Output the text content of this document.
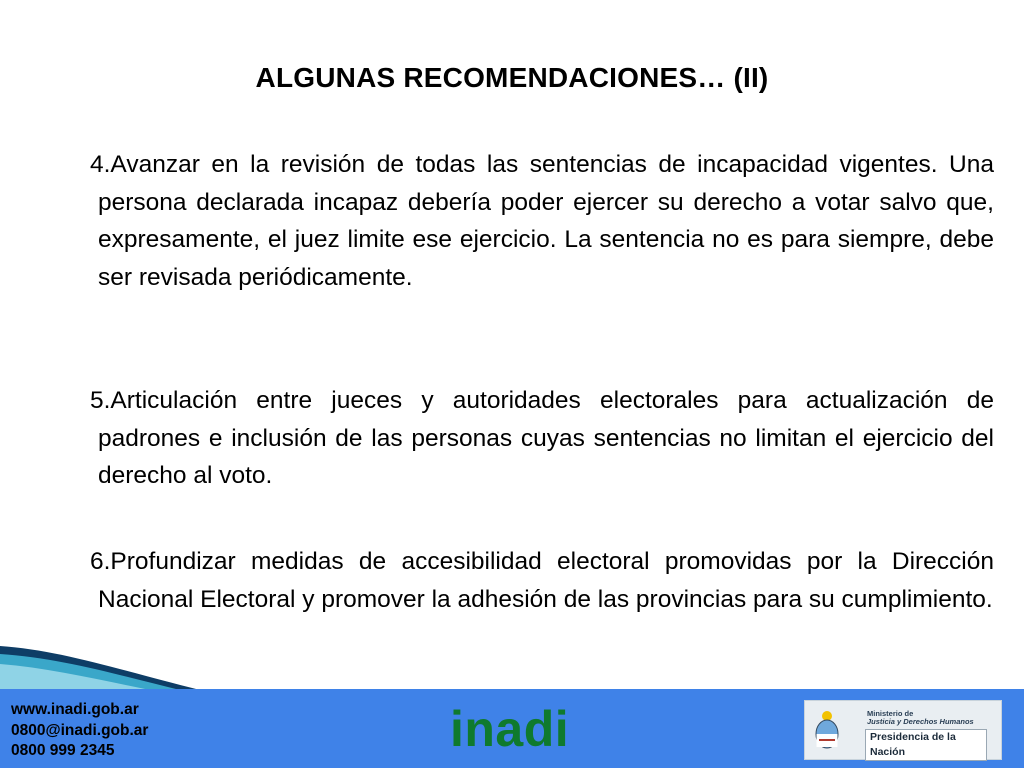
ALGUNAS RECOMENDACIONES… (II)
4.Avanzar en la revisión de todas las sentencias de incapacidad vigentes. Una persona declarada incapaz debería poder ejercer su derecho a votar salvo que, expresamente, el juez limite ese ejercicio. La sentencia no es para siempre, debe ser revisada periódicamente.
5.Articulación entre jueces y autoridades electorales para actualización de padrones e inclusión de las personas cuyas sentencias no limitan el ejercicio del derecho al voto.
6.Profundizar medidas de accesibilidad electoral promovidas por la Dirección Nacional Electoral y promover la adhesión de las provincias para su cumplimiento.
www.inadi.gob.ar
0800@inadi.gob.ar
0800 999 2345	inadi	Ministerio de
Justicia y Derechos Humanos
Presidencia de la Nación
